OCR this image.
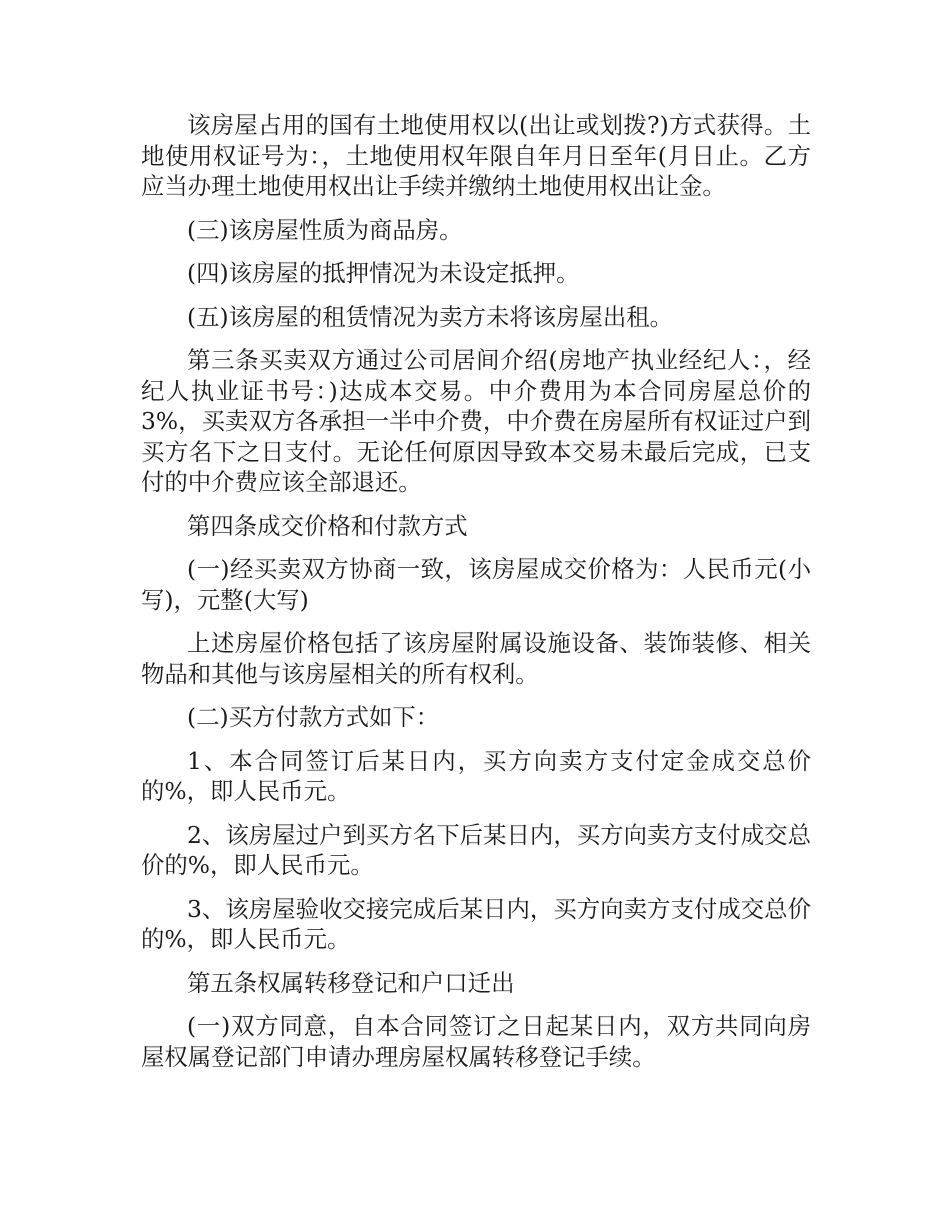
该房屋占用的国有土地使用权以(出让或划拨?)方式获得。土地使用权证号为：，土地使用权年限自年月日至年(月日止。乙方应当办理土地使用权出让手续并缴纳土地使用权出让金。

(三)该房屋性质为商品房。

(四)该房屋的抵押情况为未设定抵押。

(五)该房屋的租赁情况为卖方未将该房屋出租。

第三条买卖双方通过公司居间介绍(房地产执业经纪人：，经纪人执业证书号：)达成本交易。中介费用为本合同房屋总价的3%，买卖双方各承担一半中介费，中介费在房屋所有权证过户到买方名下之日支付。无论任何原因导致本交易未最后完成，已支付的中介费应该全部退还。

第四条成交价格和付款方式

(一)经买卖双方协商一致，该房屋成交价格为：人民币元(小写)，元整(大写)

上述房屋价格包括了该房屋附属设施设备、装饰装修、相关物品和其他与该房屋相关的所有权利。

(二)买方付款方式如下：

1、本合同签订后某日内，买方向卖方支付定金成交总价的%，即人民币元。

2、该房屋过户到买方名下后某日内，买方向卖方支付成交总价的%，即人民币元。

3、该房屋验收交接完成后某日内，买方向卖方支付成交总价的%，即人民币元。

第五条权属转移登记和户口迁出

(一)双方同意，自本合同签订之日起某日内，双方共同向房屋权属登记部门申请办理房屋权属转移登记手续。
